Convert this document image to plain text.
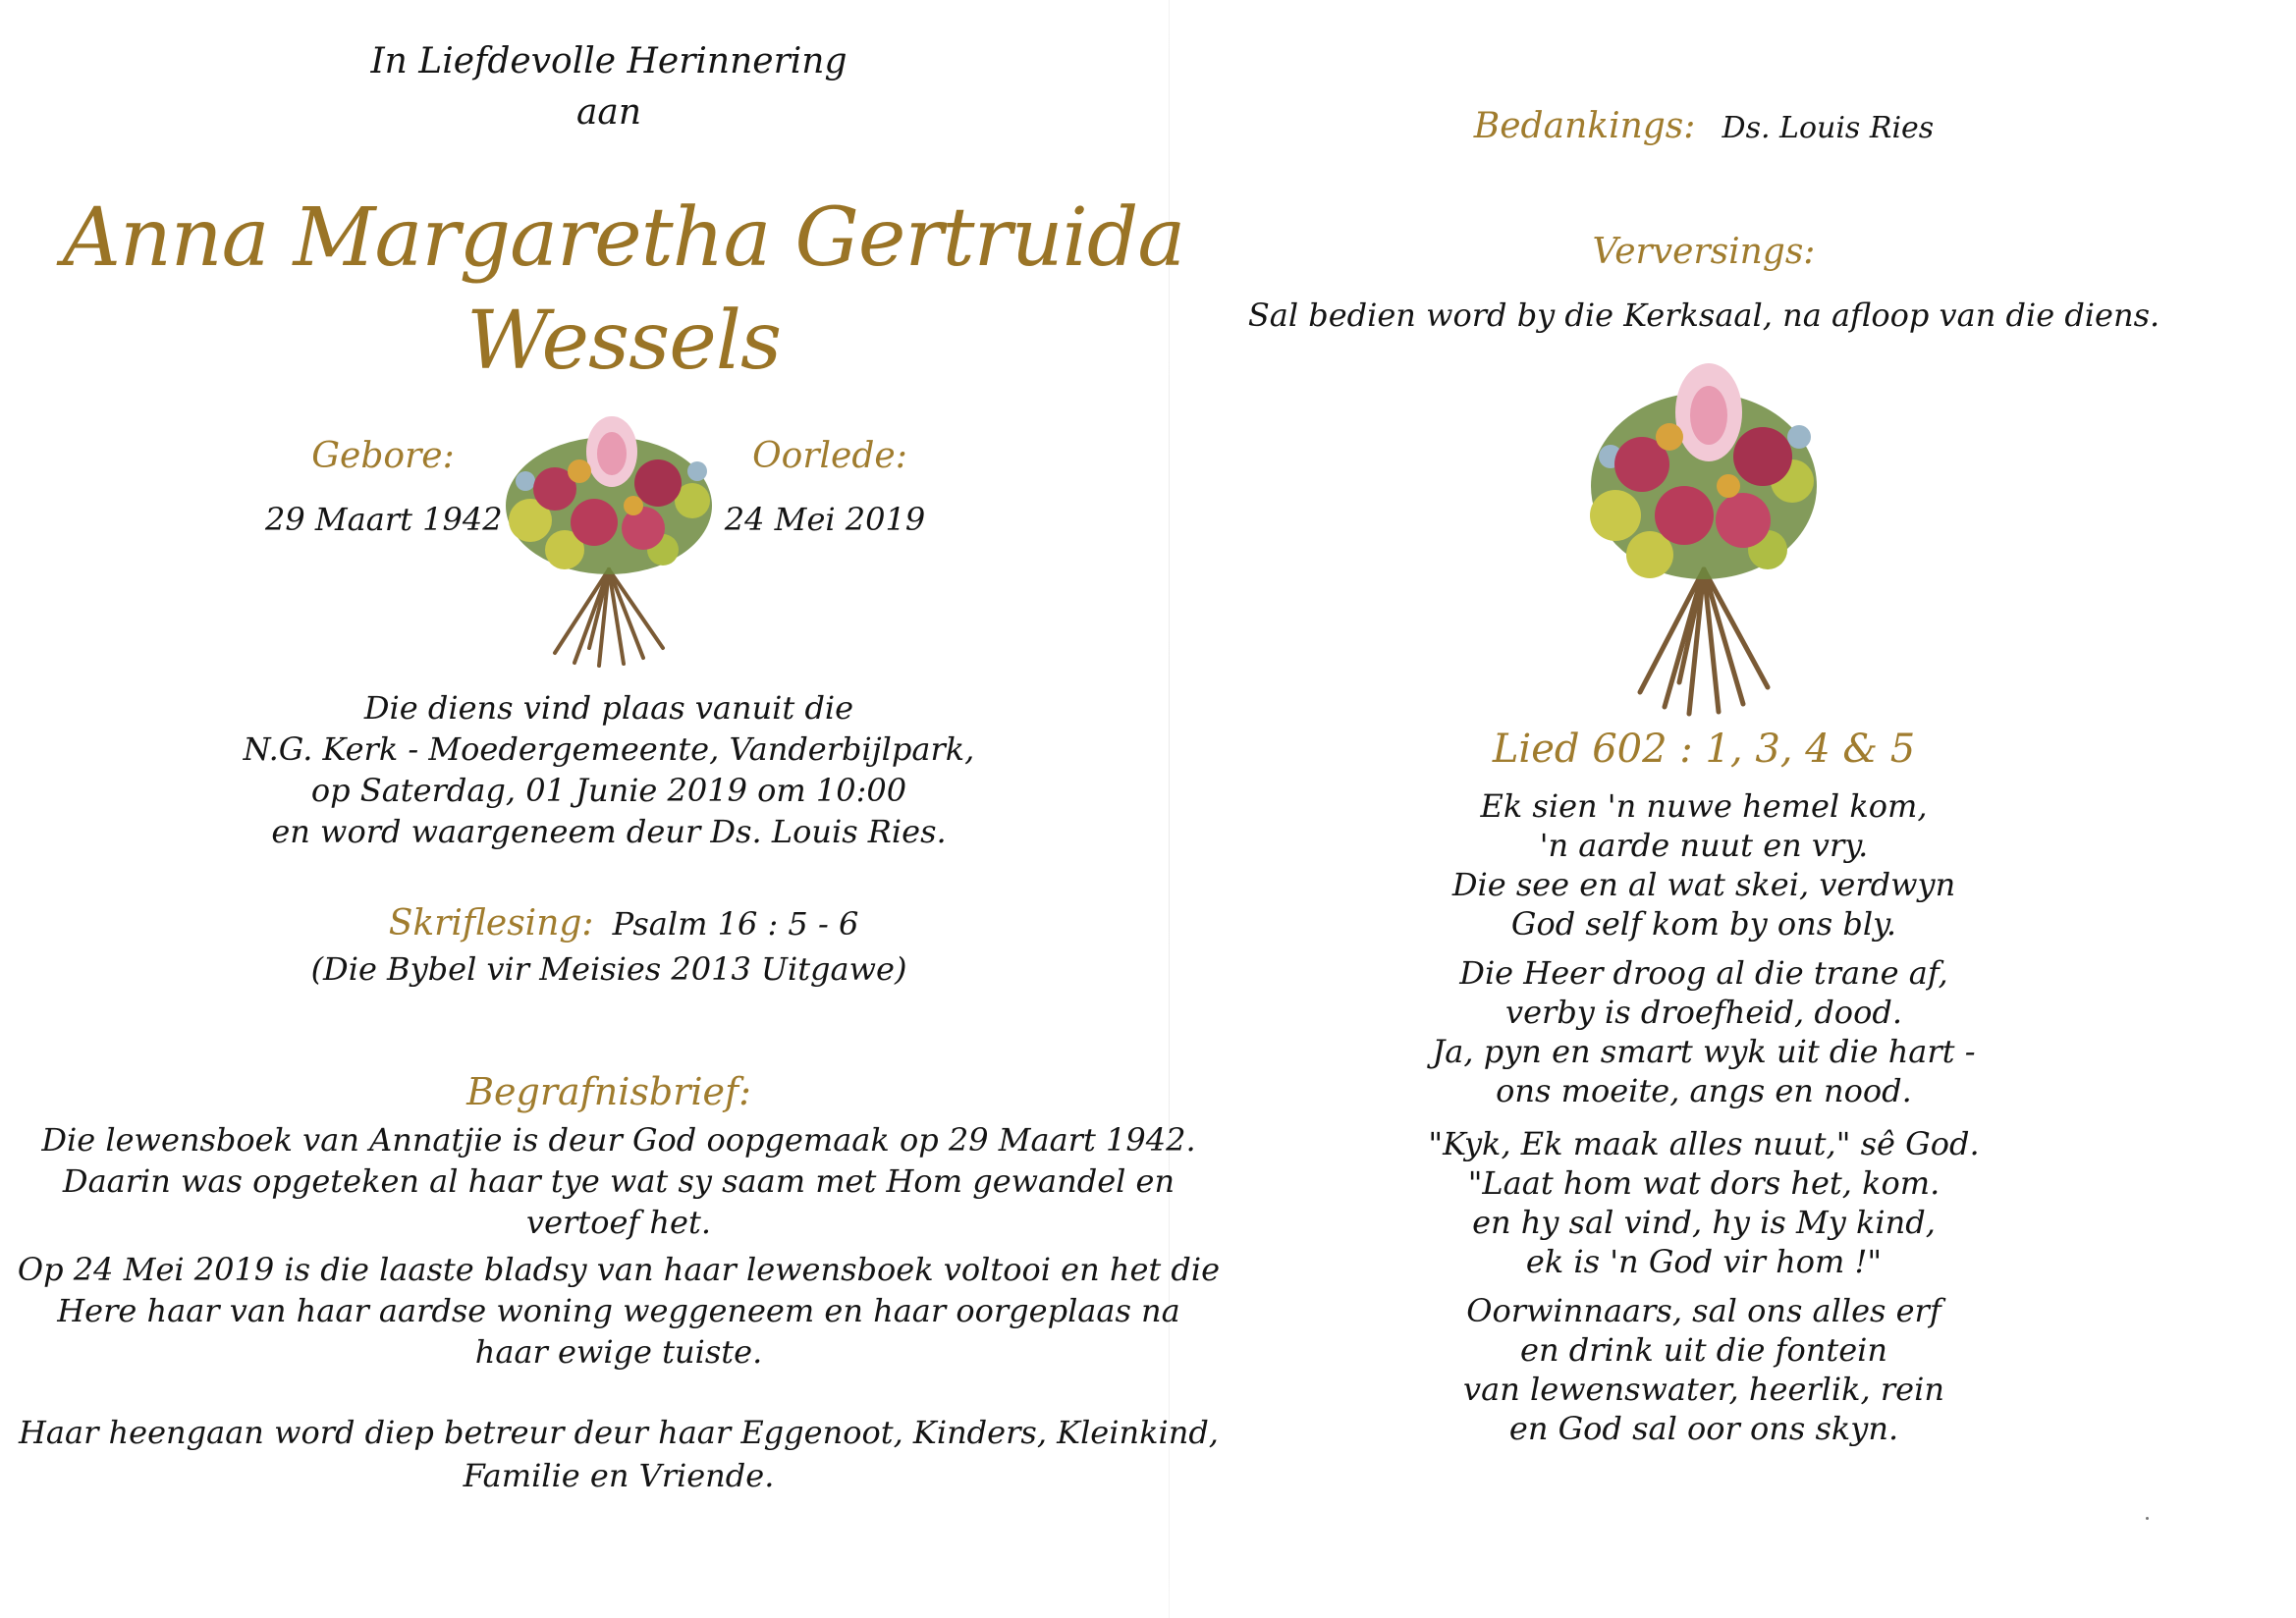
In Liefdevolle Herinnering
aan
Anna Margaretha Gertruida
Wessels
Gebore:
29 Maart 1942
Oorlede:
24 Mei 2019
Die diens vind plaas vanuit die
N.G. Kerk - Moedergemeente, Vanderbijlpark,
op Saterdag, 01 Junie 2019 om 10:00
en word waargeneem deur Ds. Louis Ries.
Skriflesing: Psalm 16 : 5 - 6
(Die Bybel vir Meisies 2013 Uitgawe)
Begrafnisbrief:
Die lewensboek van Annatjie is deur God oopgemaak op 29 Maart 1942.
Daarin was opgeteken al haar tye wat sy saam met Hom gewandel en
vertoef het.
Op 24 Mei 2019 is die laaste bladsy van haar lewensboek voltooi en het die
Here haar van haar aardse woning weggeneem en haar oorgeplaas na
haar ewige tuiste.
Haar heengaan word diep betreur deur haar Eggenoot, Kinders, Kleinkind,
Familie en Vriende.
Bedankings: Ds. Louis Ries
Verversings:
Sal bedien word by die Kerksaal, na afloop van die diens.
Lied 602 : 1, 3, 4 & 5
Ek sien 'n nuwe hemel kom,
'n aarde nuut en vry.
Die see en al wat skei, verdwyn
God self kom by ons bly.
Die Heer droog al die trane af,
verby is droefheid, dood.
Ja, pyn en smart wyk uit die hart -
ons moeite, angs en nood.
"Kyk, Ek maak alles nuut," sê God.
"Laat hom wat dors het, kom.
en hy sal vind, hy is My kind,
ek is 'n God vir hom !"
Oorwinnaars, sal ons alles erf
en drink uit die fontein
van lewenswater, heerlik, rein
en God sal oor ons skyn.
